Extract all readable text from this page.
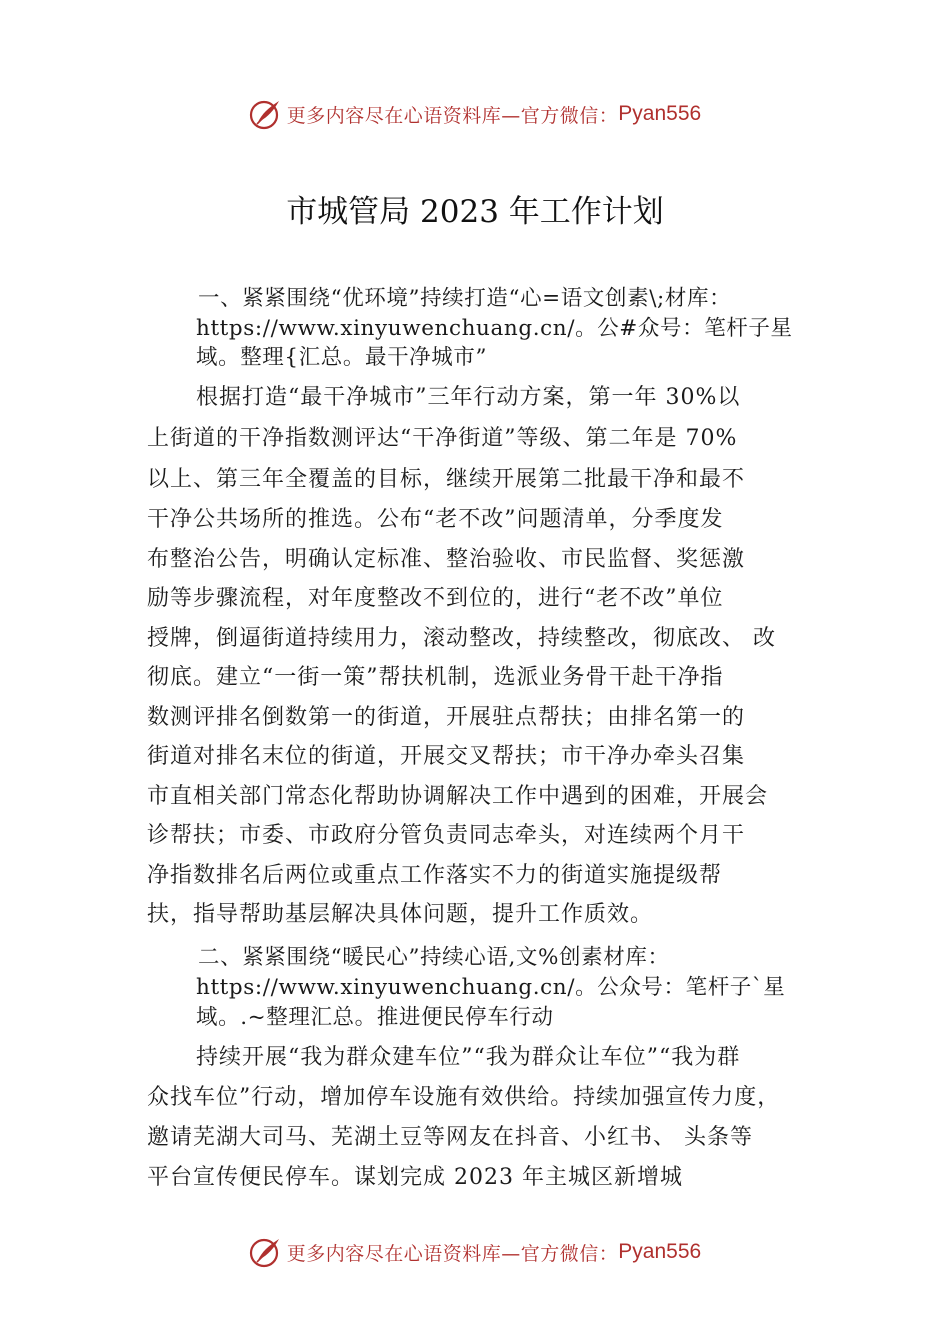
更多内容尽在心语资料库—官方微信： Pyan556
市城管局 2023 年工作计划
一、紧紧围绕“优环境”持续打造“心=语文创素\;材库：
https://www.xinyuwenchuang.cn/。公#众号：笔杆子星
域。整理{汇总。最干净城市”
根据打造“最干净城市”三年行动方案，第一年 30%以
上街道的干净指数测评达“干净街道”等级、第二年是 70%
以上、第三年全覆盖的目标，继续开展第二批最干净和最不
干净公共场所的推选。公布“老不改”问题清单，分季度发
布整治公告，明确认定标准、整治验收、市民监督、奖惩激
励等步骤流程，对年度整改不到位的，进行“老不改”单位
授牌，倒逼街道持续用力，滚动整改，持续整改，彻底改、 改
彻底。建立“一街一策”帮扶机制，选派业务骨干赴干净指
数测评排名倒数第一的街道，开展驻点帮扶；由排名第一的
街道对排名末位的街道，开展交叉帮扶；市干净办牵头召集
市直相关部门常态化帮助协调解决工作中遇到的困难，开展会
诊帮扶；市委、市政府分管负责同志牵头，对连续两个月干
净指数排名后两位或重点工作落实不力的街道实施提级帮
扶，指导帮助基层解决具体问题，提升工作质效。
二、紧紧围绕“暖民心”持续心语,文%创素材库：
https://www.xinyuwenchuang.cn/。公众号：笔杆子`星
域。.~整理汇总。推进便民停车行动
持续开展“我为群众建车位”“我为群众让车位”“我为群
众找车位”行动，增加停车设施有效供给。持续加强宣传力度，
邀请芜湖大司马、芜湖土豆等网友在抖音、小红书、 头条等
平台宣传便民停车。谋划完成 2023 年主城区新增城
更多内容尽在心语资料库—官方微信： Pyan556
